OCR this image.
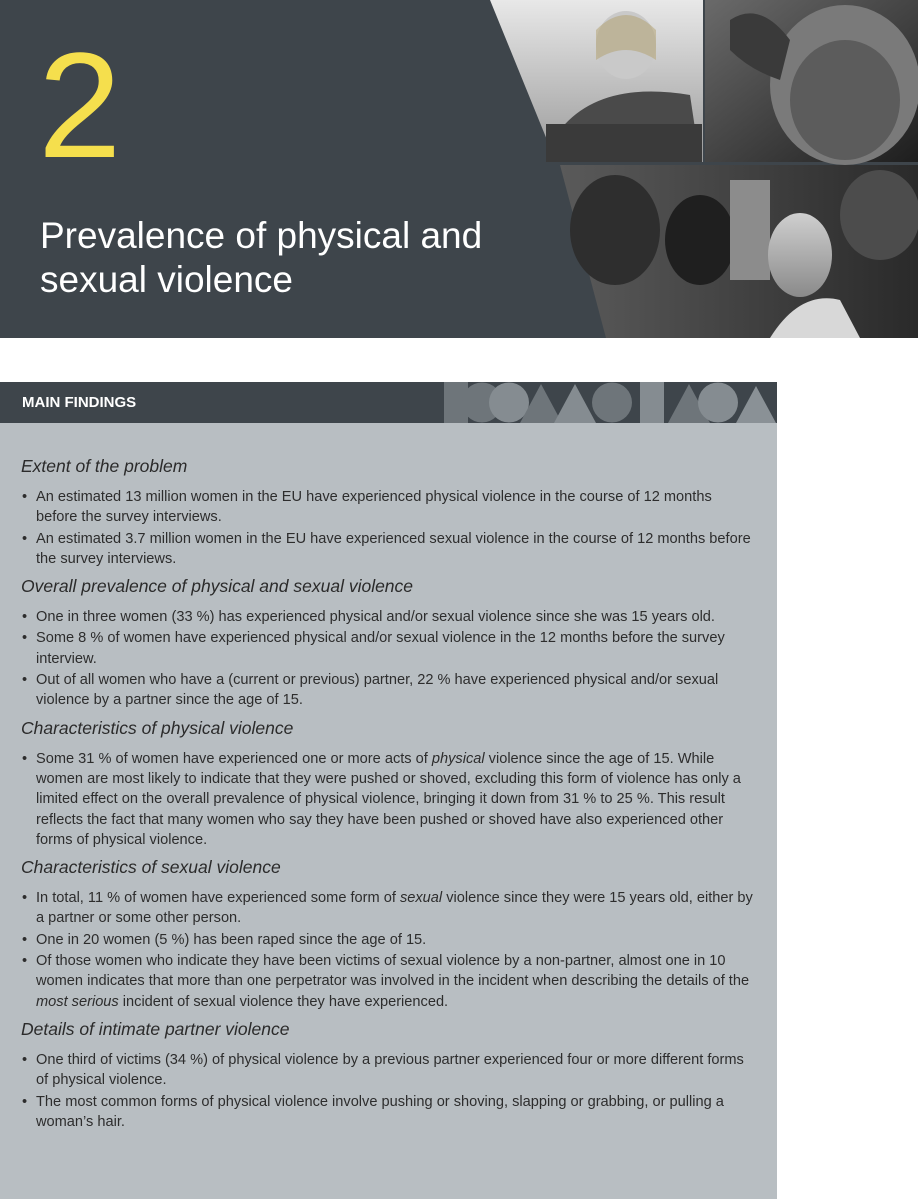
2
Prevalence of physical and sexual violence
MAIN FINDINGS
Extent of the problem
• An estimated 13 million women in the EU have experienced physical violence in the course of 12 months before the survey interviews.
• An estimated 3.7 million women in the EU have experienced sexual violence in the course of 12 months before the survey interviews.
Overall prevalence of physical and sexual violence
• One in three women (33 %) has experienced physical and/or sexual violence since she was 15 years old.
• Some 8 % of women have experienced physical and/or sexual violence in the 12 months before the survey interview.
• Out of all women who have a (current or previous) partner, 22 % have experienced physical and/or sexual violence by a partner since the age of 15.
Characteristics of physical violence
• Some 31 % of women have experienced one or more acts of physical violence since the age of 15. While women are most likely to indicate that they were pushed or shoved, excluding this form of violence has only a limited effect on the overall prevalence of physical violence, bringing it down from 31 % to 25 %. This result reflects the fact that many women who say they have been pushed or shoved have also experienced other forms of physical violence.
Characteristics of sexual violence
• In total, 11 % of women have experienced some form of sexual violence since they were 15 years old, either by a partner or some other person.
• One in 20 women (5 %) has been raped since the age of 15.
• Of those women who indicate they have been victims of sexual violence by a non-partner, almost one in 10 women indicates that more than one perpetrator was involved in the incident when describing the details of the most serious incident of sexual violence they have experienced.
Details of intimate partner violence
• One third of victims (34 %) of physical violence by a previous partner experienced four or more different forms of physical violence.
• The most common forms of physical violence involve pushing or shoving, slapping or grabbing, or pulling a woman’s hair.
